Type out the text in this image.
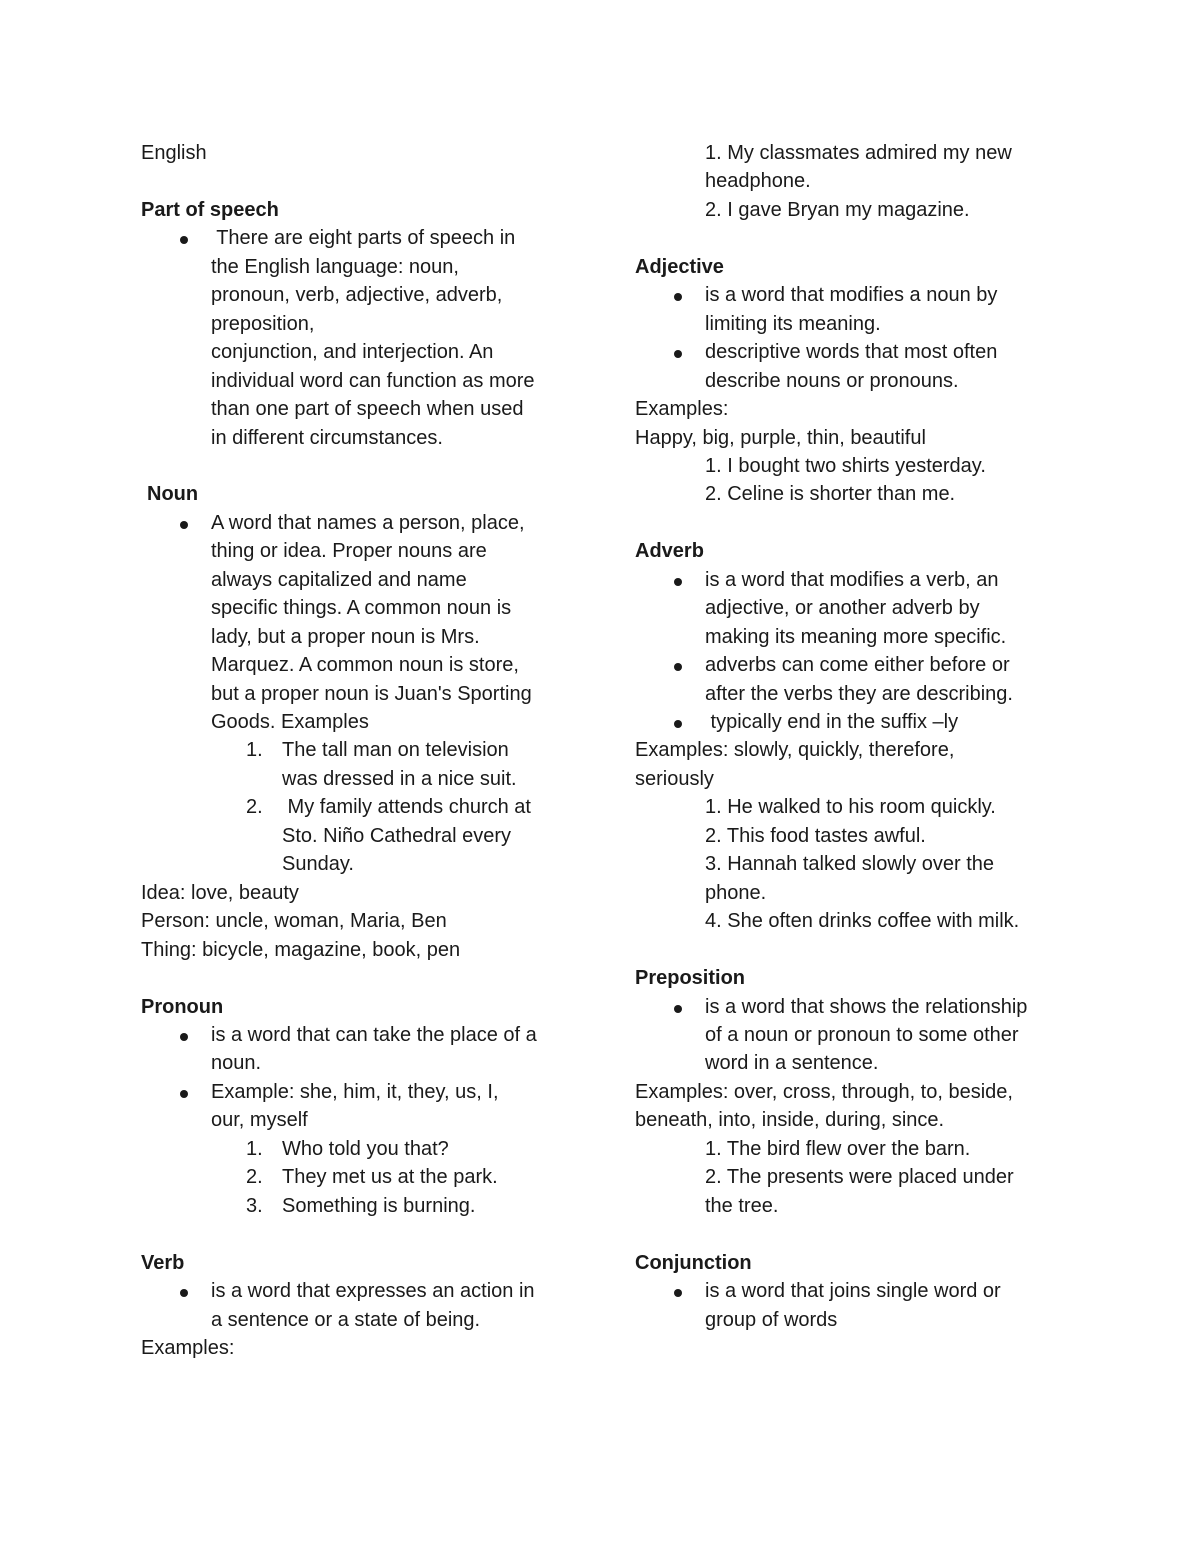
English
Part of speech
There are eight parts of speech in
the English language: noun,
pronoun, verb, adjective, adverb,
preposition,
conjunction, and interjection. An
individual word can function as more
than one part of speech when used
in different circumstances.
Noun
A word that names a person, place,
thing or idea. Proper nouns are
always capitalized and name
specific things. A common noun is
lady, but a proper noun is Mrs.
Marquez. A common noun is store,
but a proper noun is Juan's Sporting
Goods. Examples
1. The tall man on television
was dressed in a nice suit.
2. My family attends church at
Sto. Niño Cathedral every
Sunday.
Idea: love, beauty
Person: uncle, woman, Maria, Ben
Thing: bicycle, magazine, book, pen
Pronoun
is a word that can take the place of a
noun.
Example: she, him, it, they, us, I,
our, myself
1. Who told you that?
2. They met us at the park.
3. Something is burning.
Verb
is a word that expresses an action in
a sentence or a state of being.
Examples:
1. My classmates admired my new
headphone.
2. I gave Bryan my magazine.
Adjective
is a word that modifies a noun by
limiting its meaning.
descriptive words that most often
describe nouns or pronouns.
Examples:
Happy, big, purple, thin, beautiful
1. I bought two shirts yesterday.
2. Celine is shorter than me.
Adverb
is a word that modifies a verb, an
adjective, or another adverb by
making its meaning more specific.
adverbs can come either before or
after the verbs they are describing.
typically end in the suffix –ly
Examples: slowly, quickly, therefore,
seriously
1. He walked to his room quickly.
2. This food tastes awful.
3. Hannah talked slowly over the
phone.
4. She often drinks coffee with milk.
Preposition
is a word that shows the relationship
of a noun or pronoun to some other
word in a sentence.
Examples: over, cross, through, to, beside,
beneath, into, inside, during, since.
1. The bird flew over the barn.
2. The presents were placed under
the tree.
Conjunction
is a word that joins single word or
group of words
